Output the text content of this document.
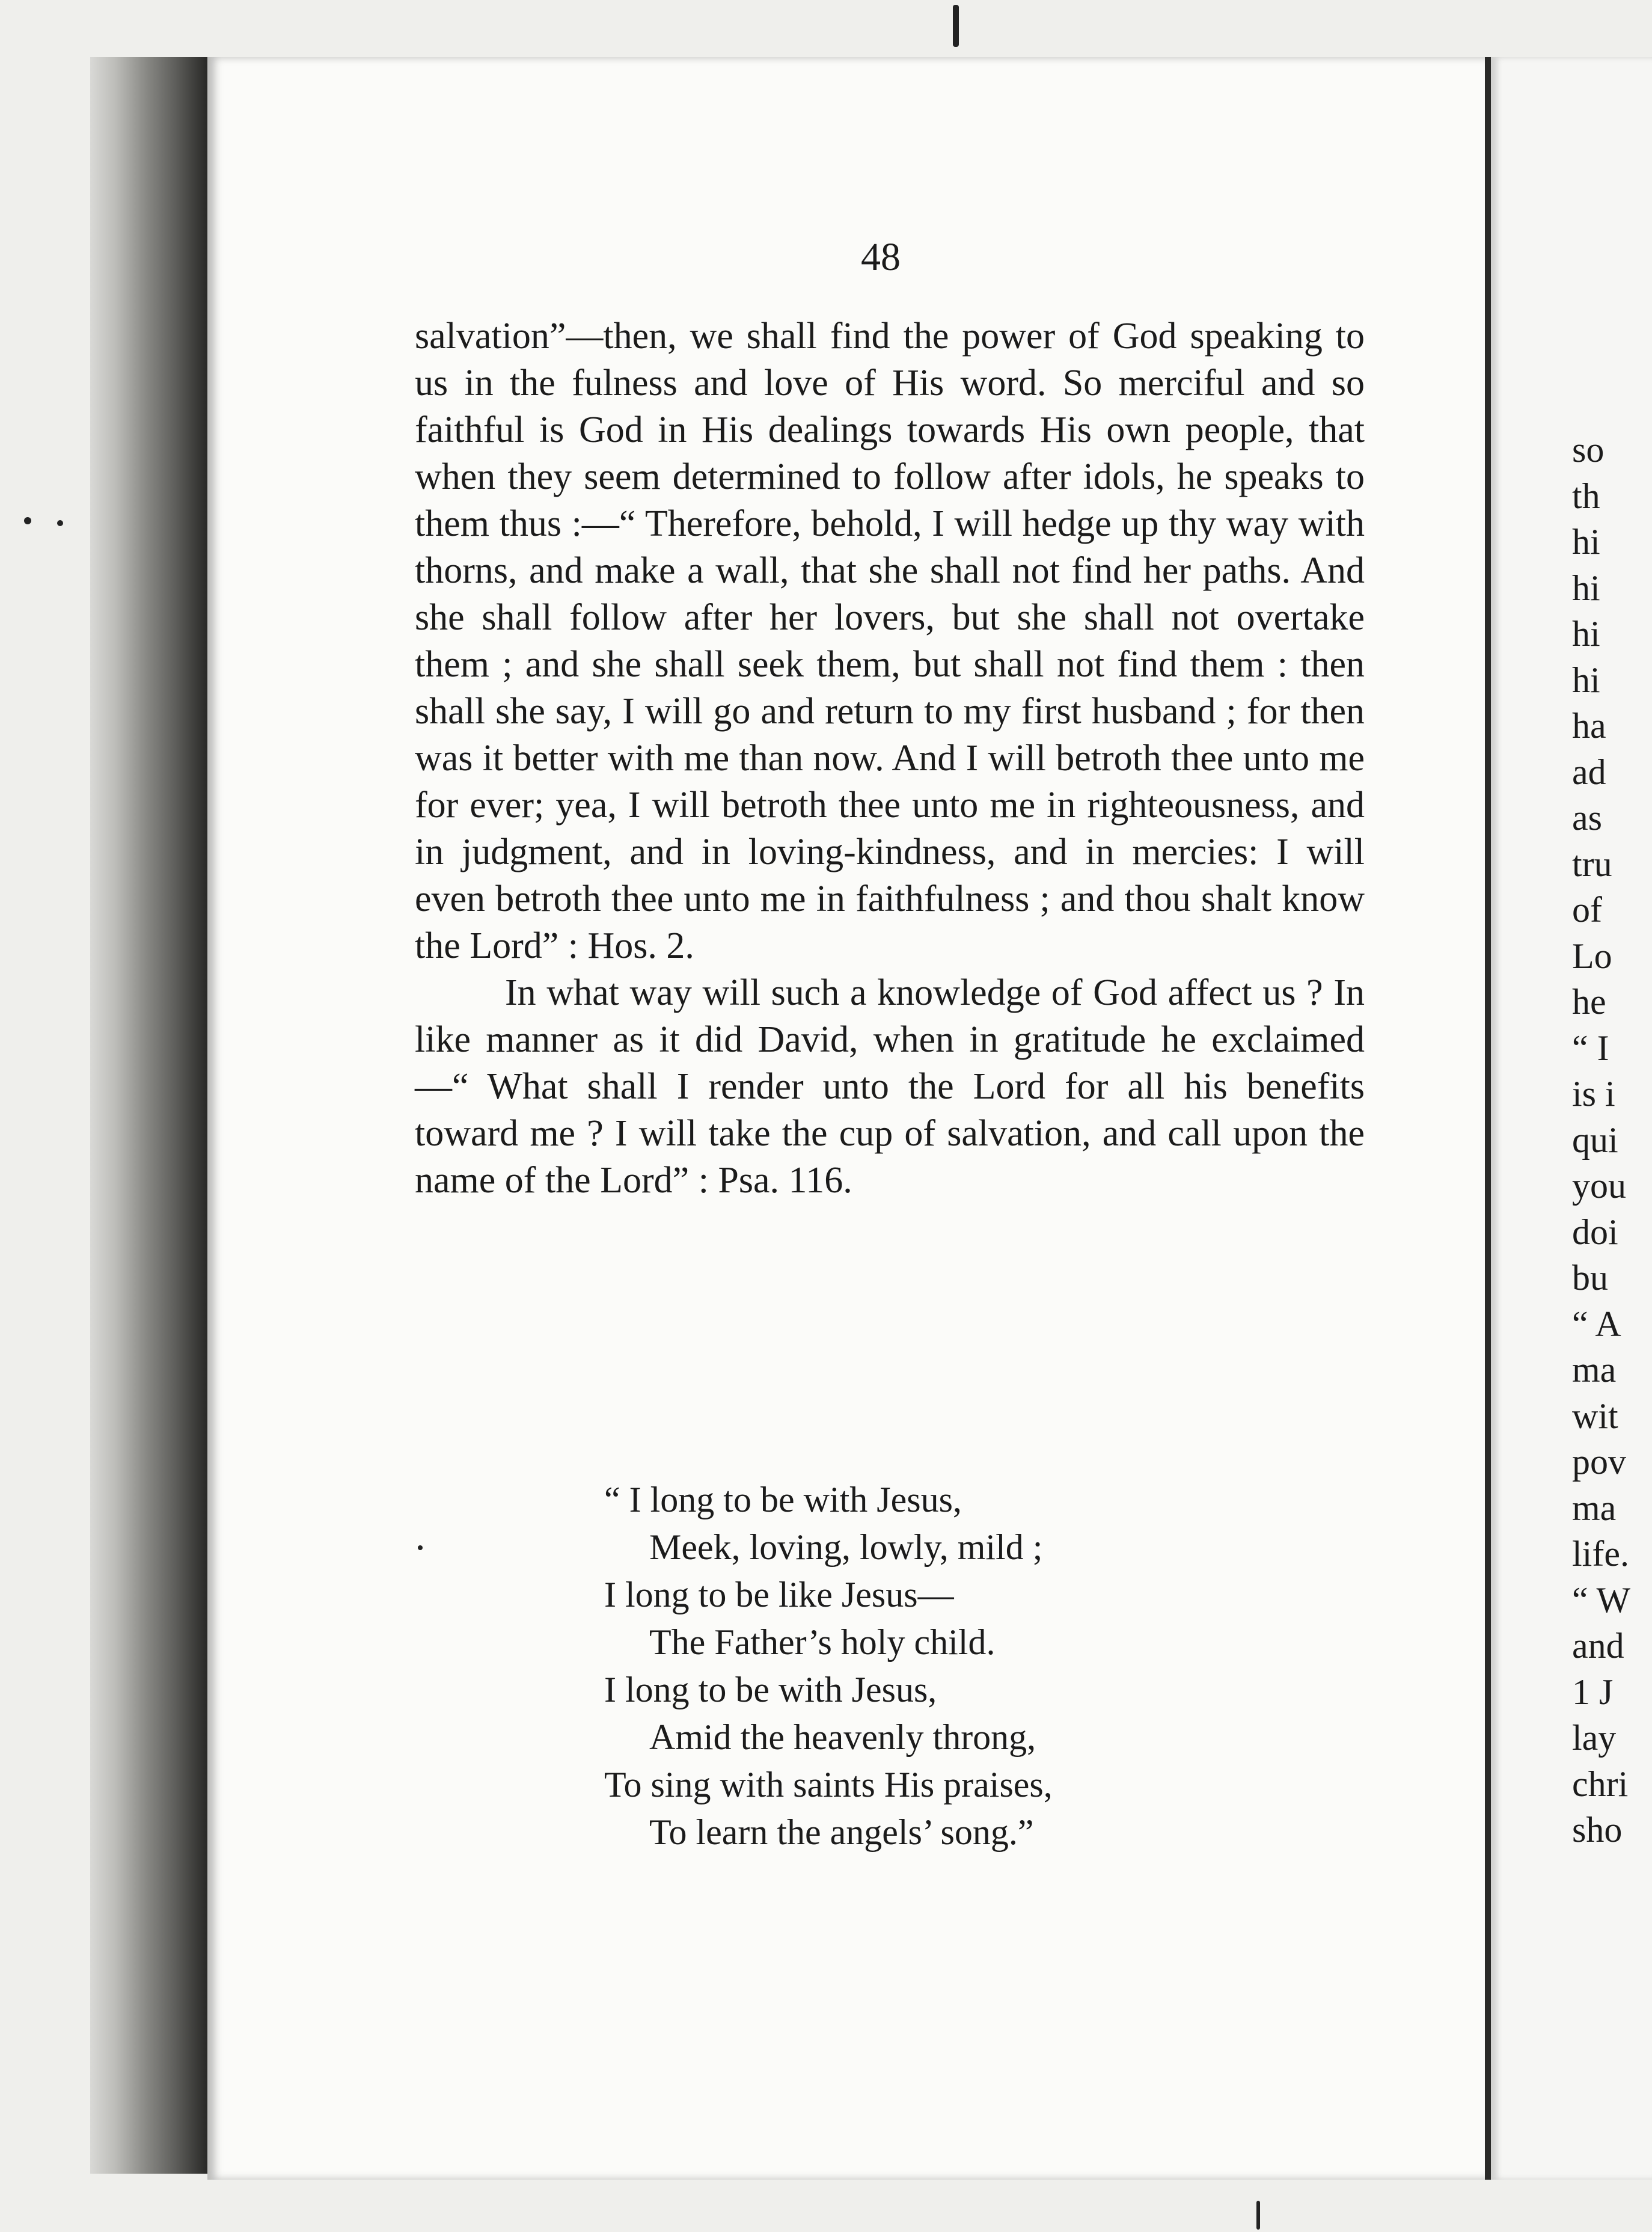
48

salvation”—then, we shall find the power of God speaking to us in the fulness and love of His word. So merciful and so faithful is God in His dealings towards His own people, that when they seem determined to follow after idols, he speaks to them thus :—“ Therefore, behold, I will hedge up thy way with thorns, and make a wall, that she shall not find her paths. And she shall follow after her lovers, but she shall not overtake them ; and she shall seek them, but shall not find them : then shall she say, I will go and return to my first husband ; for then was it better with me than now. And I will betroth thee unto me for ever; yea, I will betroth thee unto me in righteousness, and in judgment, and in loving-kindness, and in mercies: I will even betroth thee unto me in faithfulness ; and thou shalt know the Lord” : Hos. 2.

In what way will such a knowledge of God affect us ? In like manner as it did David, when in gratitude he exclaimed —“ What shall I render unto the Lord for all his benefits toward me ? I will take the cup of salvation, and call upon the name of the Lord” : Psa. 116.

“ I long to be with Jesus,
Meek, loving, lowly, mild ;
I long to be like Jesus—
The Father’s holy child.
I long to be with Jesus,
Amid the heavenly throng,
To sing with saints His praises,
To learn the angels’ song.”
so
th
hi
hi
hi
hi
ha
ad
as
tru
of
Lo
he
“ I
is i
qui
you
doi
bu
“ A
ma
wit
pov
ma
life.
“ W
and
1 J
lay
chri
sho
